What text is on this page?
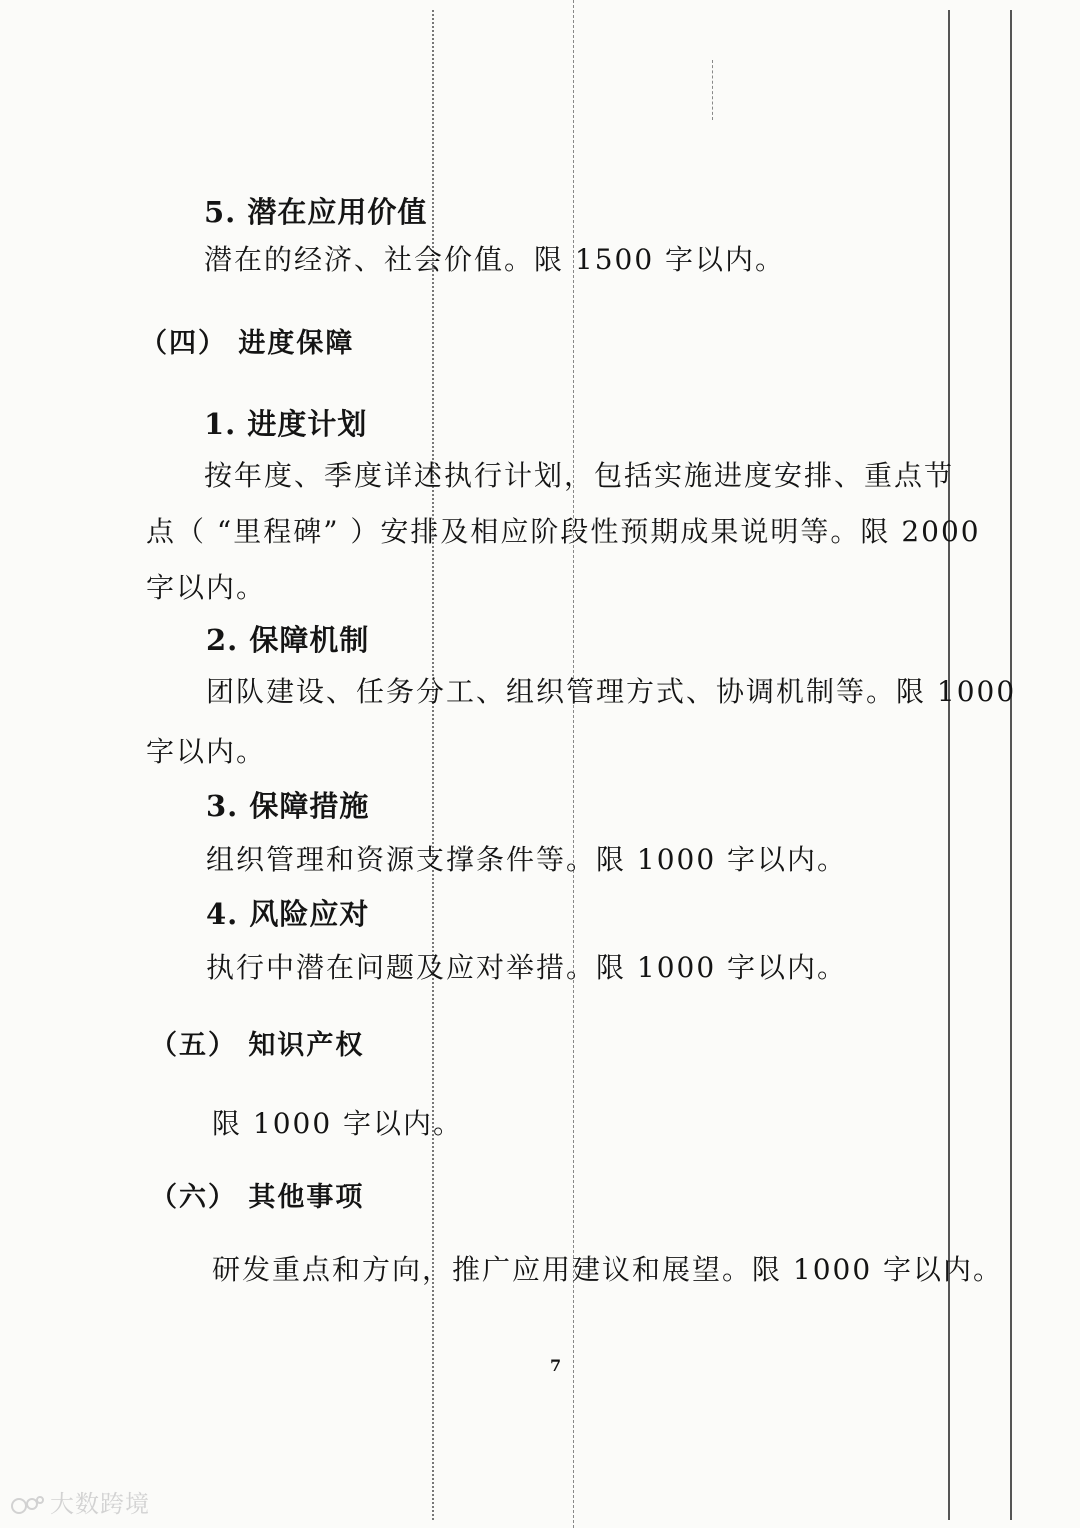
5. 潜在应用价值
潜在的经济、社会价值。限 1500 字以内。
（四） 进度保障
1. 进度计划
按年度、季度详述执行计划，包括实施进度安排、重点节
点（ “里程碑” ）安排及相应阶段性预期成果说明等。限 2000
字以内。
2. 保障机制
团队建设、任务分工、组织管理方式、协调机制等。限 1000
字以内。
3. 保障措施
组织管理和资源支撑条件等。限 1000 字以内。
4. 风险应对
执行中潜在问题及应对举措。限 1000 字以内。
（五） 知识产权
限 1000 字以内。
（六） 其他事项
研发重点和方向，推广应用建议和展望。限 1000 字以内。
7
大数跨境
